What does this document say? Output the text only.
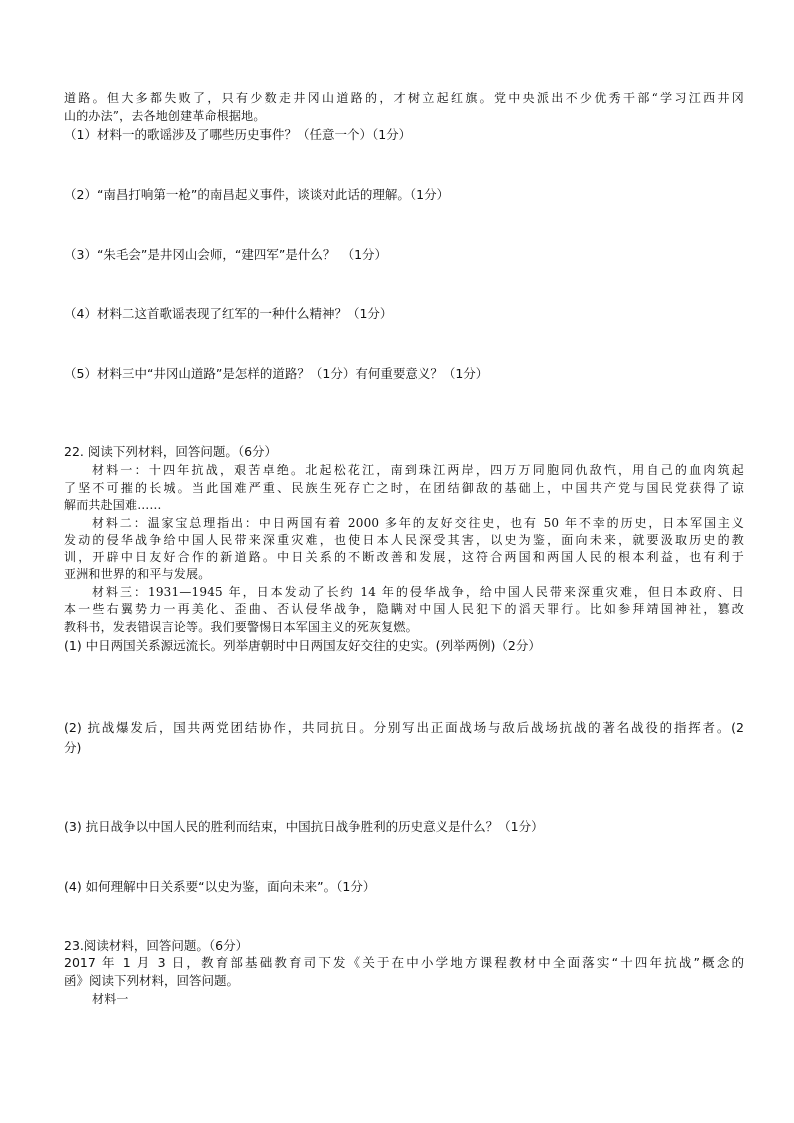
道路。但大多都失败了，只有少数走井冈山道路的，才树立起红旗。党中央派出不少优秀干部“学习江西井冈
山的办法”，去各地创建革命根据地。
（1）材料一的歌谣涉及了哪些历史事件？（任意一个）（1分）
（2）“南昌打响第一枪”的南昌起义事件，谈谈对此话的理解。（1分）
（3）“朱毛会”是井冈山会师，“建四军”是什么？　（1分）
（4）材料二这首歌谣表现了红军的一种什么精神？（1分）
（5）材料三中“井冈山道路”是怎样的道路？（1分）有何重要意义？（1分）
22. 阅读下列材料，回答问题。（6分）
材料一：十四年抗战，艰苦卓绝。北起松花江，南到珠江两岸，四万万同胞同仇敌忾，用自己的血肉筑起
了坚不可摧的长城。当此国难严重、民族生死存亡之时，在团结御敌的基础上，中国共产党与国民党获得了谅
解而共赴国难……
材料二：温家宝总理指出：中日两国有着 2000 多年的友好交往史，也有 50 年不幸的历史，日本军国主义
发动的侵华战争给中国人民带来深重灾难，也使日本人民深受其害，以史为鉴，面向未来，就要汲取历史的教
训，开辟中日友好合作的新道路。中日关系的不断改善和发展，这符合两国和两国人民的根本利益，也有利于
亚洲和世界的和平与发展。
材料三：1931—1945 年，日本发动了长约 14 年的侵华战争，给中国人民带来深重灾难，但日本政府、日
本一些右翼势力一再美化、歪曲、否认侵华战争，隐瞒对中国人民犯下的滔天罪行。比如参拜靖国神社，篡改
教科书，发表错误言论等。我们要警惕日本军国主义的死灰复燃。
(1) 中日两国关系源远流长。列举唐朝时中日两国友好交往的史实。(列举两例)（2分）
(2) 抗战爆发后，国共两党团结协作，共同抗日。分别写出正面战场与敌后战场抗战的著名战役的指挥者。(2
分)
(3) 抗日战争以中国人民的胜利而结束，中国抗日战争胜利的历史意义是什么？（1分）
(4) 如何理解中日关系要“以史为鉴，面向未来”。（1分）
23.阅读材料，回答问题。（6分）
2017 年 1 月 3 日，教育部基础教育司下发《关于在中小学地方课程教材中全面落实“十四年抗战”概念的
函》阅读下列材料，回答问题。
材料一
